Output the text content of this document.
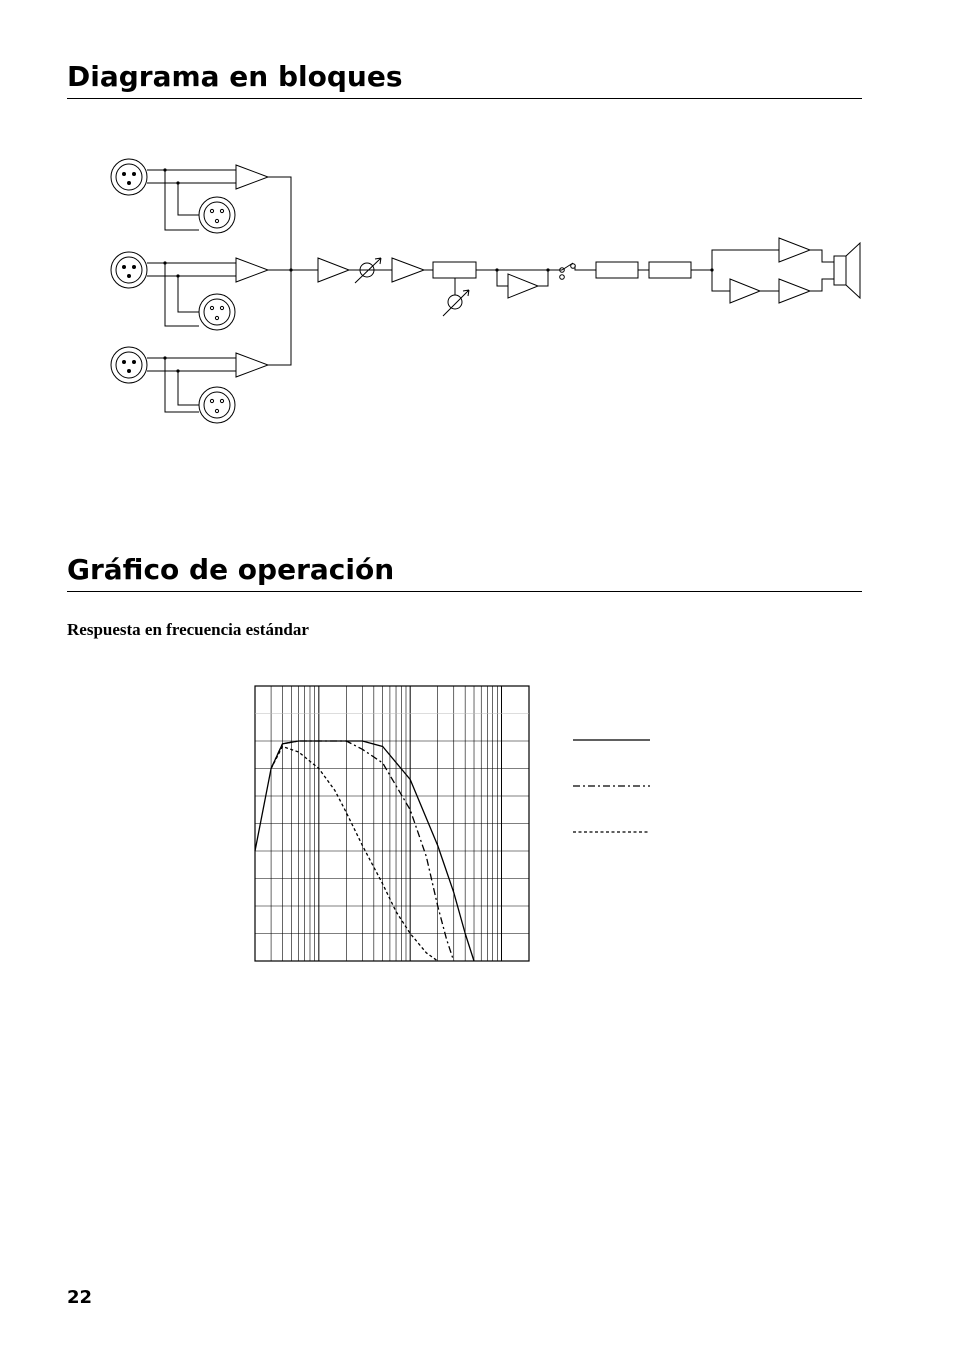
Diagrama en bloques
Gráfico de operación

Respuesta en frecuencia estándar

22
